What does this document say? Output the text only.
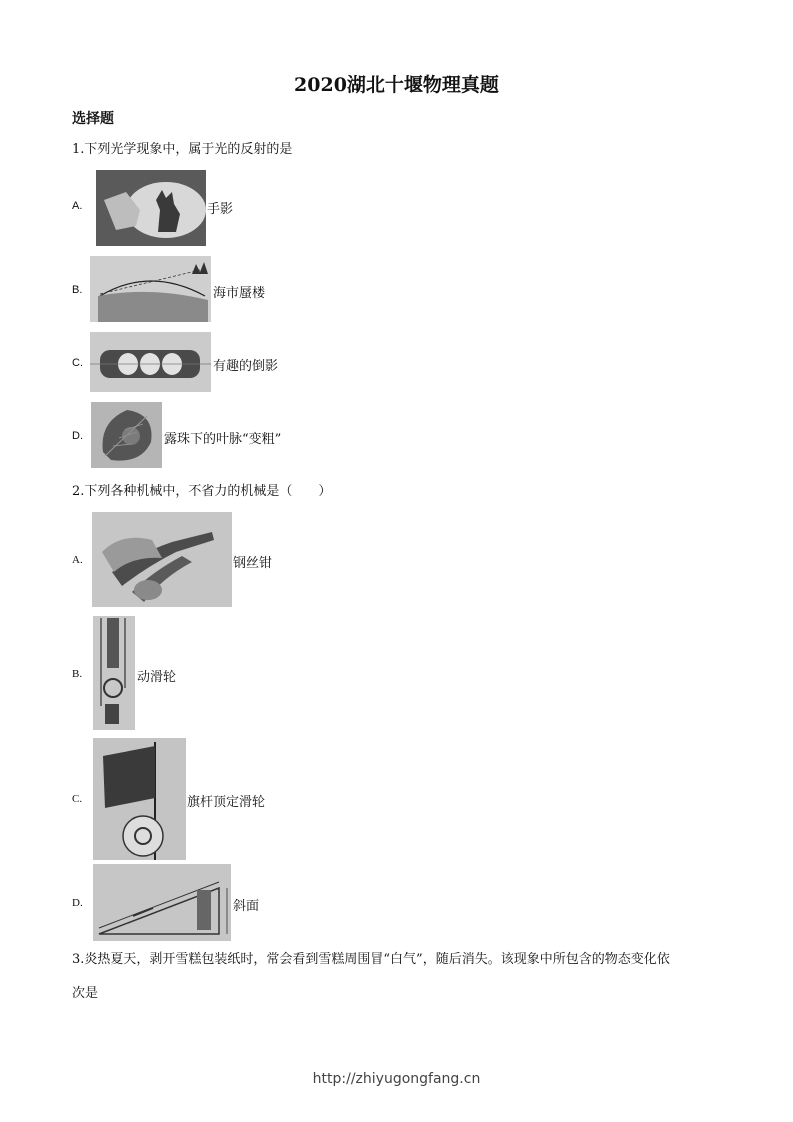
2020湖北十堰物理真题
选择题
1.下列光学现象中，属于光的反射的是
A.	手影
B.	海市蜃楼
C.	有趣的倒影
D.	露珠下的叶脉“变粗”
2.下列各种机械中，不省力的机械是（　　）
A.	钢丝钳
B.	动滑轮
C.	旗杆顶定滑轮
D.	斜面
3.炎热夏天，剥开雪糕包装纸时，常会看到雪糕周围冒“白气”，随后消失。该现象中所包含的物态变化依
次是
http://zhiyugongfang.cn
